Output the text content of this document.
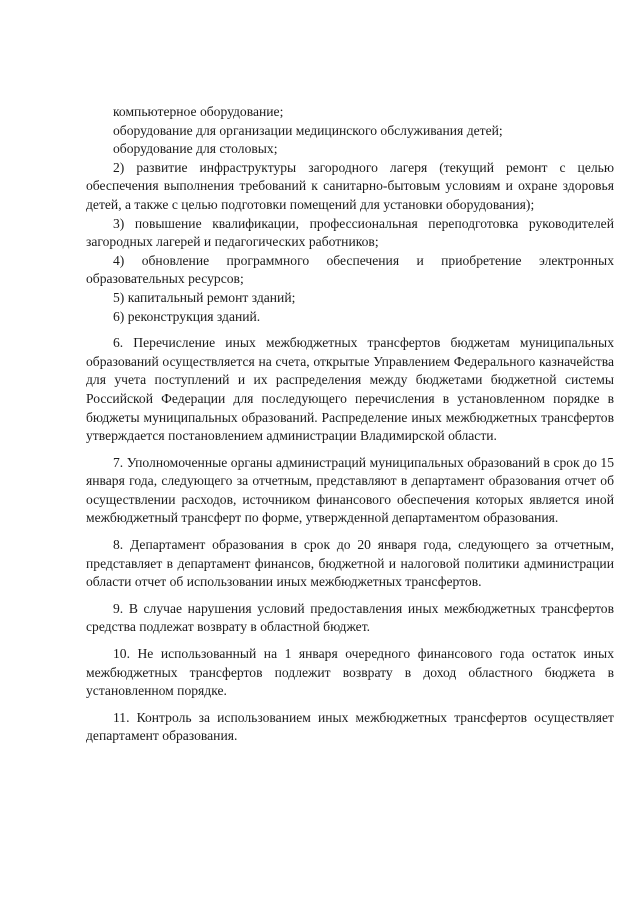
компьютерное оборудование;

оборудование для организации медицинского обслуживания детей;

оборудование для столовых;

2) развитие инфраструктуры загородного лагеря (текущий ремонт с целью обеспечения выполнения требований к санитарно-бытовым условиям и охране здоровья детей, а также с целью подготовки помещений для установки оборудования);

3) повышение квалификации, профессиональная переподготовка руководителей загородных лагерей и педагогических работников;

4) обновление программного обеспечения и приобретение электронных образовательных ресурсов;

5) капитальный ремонт зданий;

6) реконструкция зданий.

6. Перечисление иных межбюджетных трансфертов бюджетам муниципальных образований осуществляется на счета, открытые Управлением Федерального казначейства для учета поступлений и их распределения между бюджетами бюджетной системы Российской Федерации для последующего перечисления в установленном порядке в бюджеты муниципальных образований. Распределение иных межбюджетных трансфертов утверждается постановлением администрации Владимирской области.

7. Уполномоченные органы администраций муниципальных образований в срок до 15 января года, следующего за отчетным, представляют в департамент образования отчет об осуществлении расходов, источником финансового обеспечения которых является иной межбюджетный трансферт по форме, утвержденной департаментом образования.

8. Департамент образования в срок до 20 января года, следующего за отчетным, представляет в департамент финансов, бюджетной и налоговой политики администрации области отчет об использовании иных межбюджетных трансфертов.

9. В случае нарушения условий предоставления иных межбюджетных трансфертов средства подлежат возврату в областной бюджет.

10. Не использованный на 1 января очередного финансового года остаток иных межбюджетных трансфертов подлежит возврату в доход областного бюджета в установленном порядке.

11. Контроль за использованием иных межбюджетных трансфертов осуществляет департамент образования.
